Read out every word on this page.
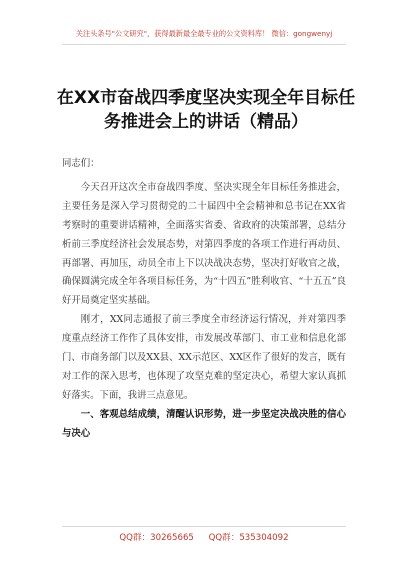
关注头条号"公文研究"，获得最新最全最专业的公文资料库！ 微信：gongwenyj
在XX市奋战四季度坚决实现全年目标任务推进会上的讲话（精品）

同志们：

今天召开这次全市奋战四季度、坚决实现全年目标任务推进会，主要任务是深入学习贯彻党的二十届四中全会精神和总书记在XX省考察时的重要讲话精神，全面落实省委、省政府的决策部署，总结分析前三季度经济社会发展态势，对第四季度的各项工作进行再动员、再部署、再加压，动员全市上下以决战决态势，坚决打好收官之战，确保圆满完成全年各项目标任务，为“十四五”胜利收官、“十五五”良好开局奠定坚实基础。

刚才，XX同志通报了前三季度全市经济运行情况，并对第四季度重点经济工作作了具体安排，市发展改革部门、市工业和信息化部门、市商务部门以及XX县、XX示范区、XX区作了很好的发言，既有对工作的深入思考，也体现了攻坚克难的坚定决心，希望大家认真抓好落实。下面，我讲三点意见。

一、客观总结成绩，清醒认识形势，进一步坚定决战决胜的信心与决心

QQ群：30265665 QQ群：535304092
